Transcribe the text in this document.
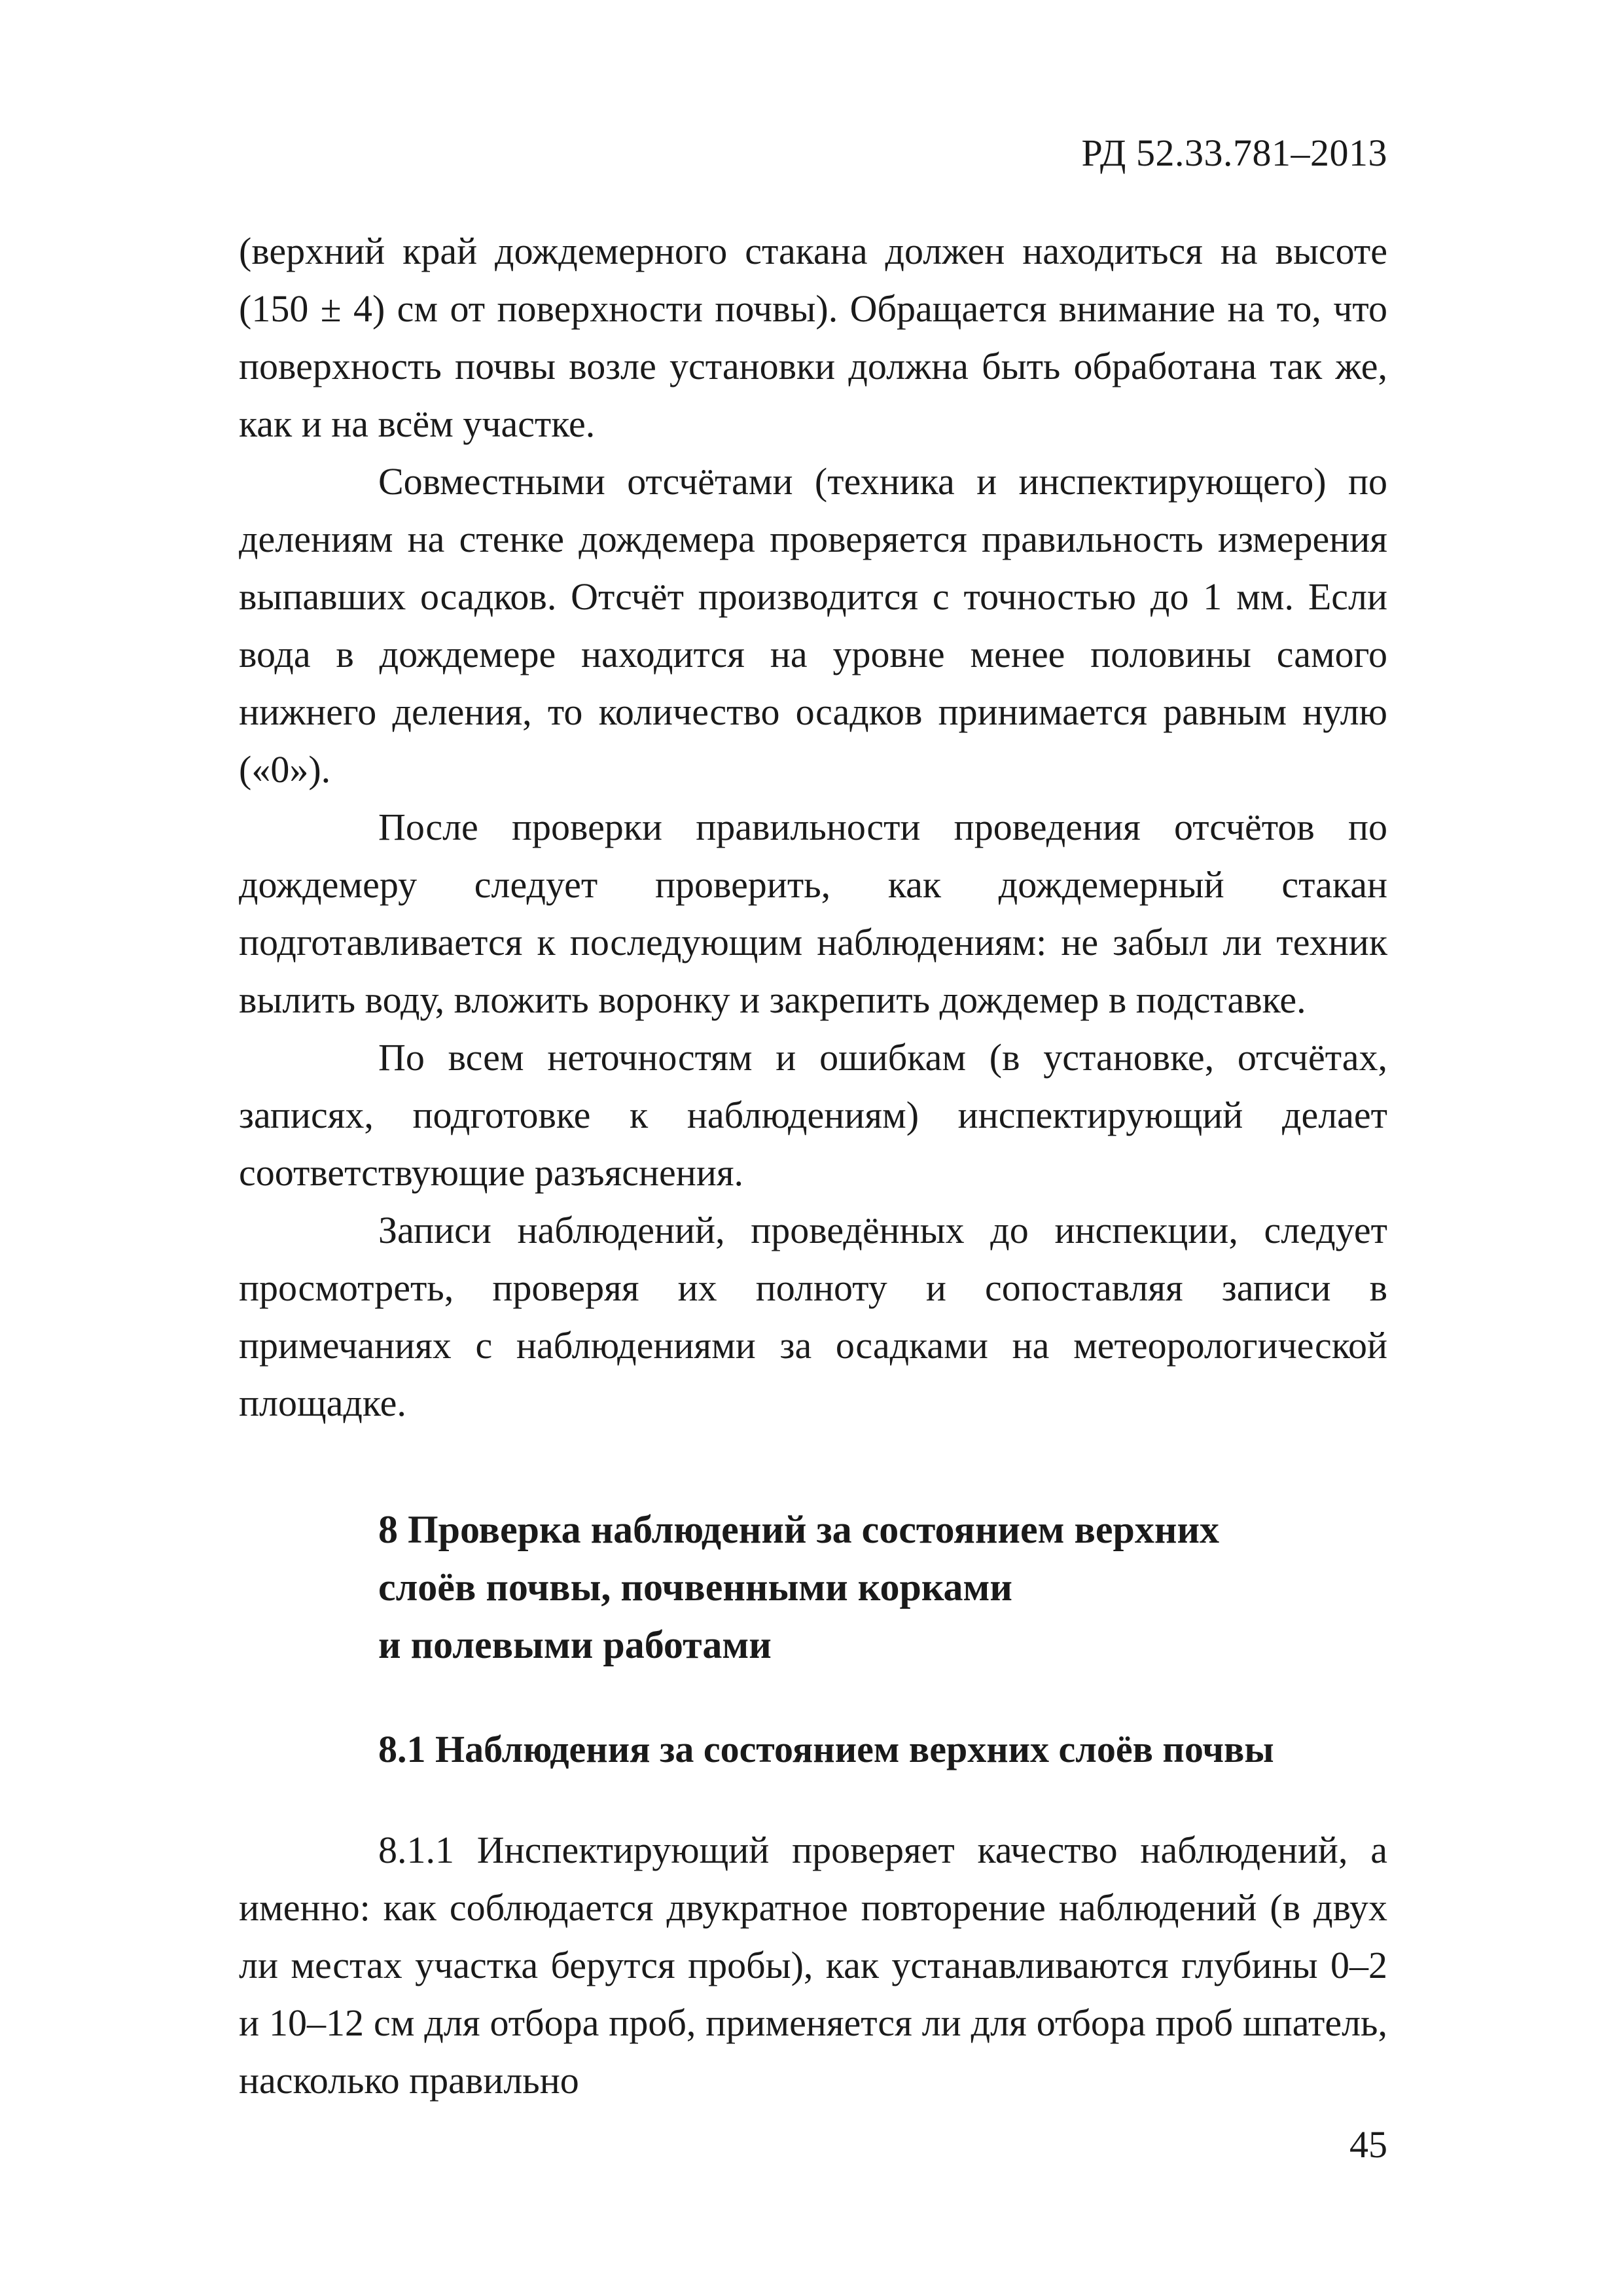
РД 52.33.781–2013

(верхний край дождемерного стакана должен находиться на высоте (150 ± 4) см от поверхности почвы). Обращается внимание на то, что поверхность почвы возле установки должна быть обработана так же, как и на всём участке.

Совместными отсчётами (техника и инспектирующего) по делениям на стенке дождемера проверяется правильность измерения выпавших осадков. Отсчёт производится с точностью до 1 мм. Если вода в дождемере находится на уровне менее половины самого нижнего деления, то количество осадков принимается равным нулю («0»).

После проверки правильности проведения отсчётов по дождемеру следует проверить, как дождемерный стакан подготавливается к последующим наблюдениям: не забыл ли техник вылить воду, вложить воронку и закрепить дождемер в подставке.

По всем неточностям и ошибкам (в установке, отсчётах, записях, подготовке к наблюдениям) инспектирующий делает соответствующие разъяснения.

Записи наблюдений, проведённых до инспекции, следует просмотреть, проверяя их полноту и сопоставляя записи в примечаниях с наблюдениями за осадками на метеорологической площадке.

8 Проверка наблюдений за состоянием верхних
слоёв почвы, почвенными корками
и полевыми работами

8.1 Наблюдения за состоянием верхних слоёв почвы

8.1.1 Инспектирующий проверяет качество наблюдений, а именно: как соблюдается двукратное повторение наблюдений (в двух ли местах участка берутся пробы), как устанавливаются глубины 0–2 и 10–12 см для отбора проб, применяется ли для отбора проб шпатель, насколько правильно

45
